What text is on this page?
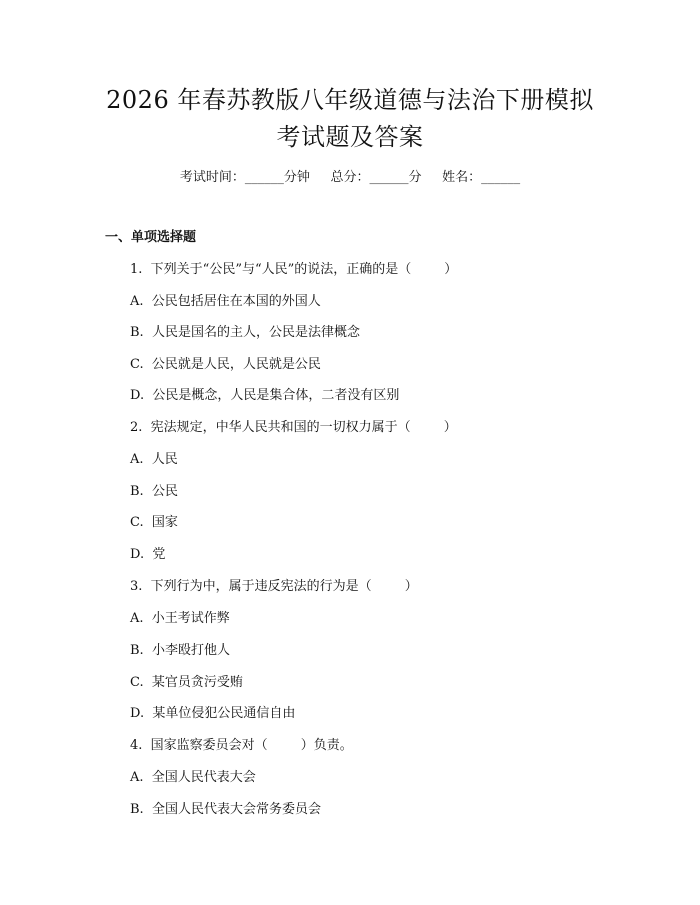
2026 年春苏教版八年级道德与法治下册模拟
考试题及答案
考试时间：______分钟     总分：______分     姓名：______
一、单项选择题
1.  下列关于“公民”与“人民”的说法，正确的是（        ）
A.  公民包括居住在本国的外国人
B.  人民是国名的主人，公民是法律概念
C.  公民就是人民，人民就是公民
D.  公民是概念，人民是集合体，二者没有区别
2.  宪法规定，中华人民共和国的一切权力属于（        ）
A.  人民
B.  公民
C.  国家
D.  党
3.  下列行为中，属于违反宪法的行为是（        ）
A.  小王考试作弊
B.  小李殴打他人
C.  某官员贪污受贿
D.  某单位侵犯公民通信自由
4.  国家监察委员会对（        ）负责。
A.  全国人民代表大会
B.  全国人民代表大会常务委员会
